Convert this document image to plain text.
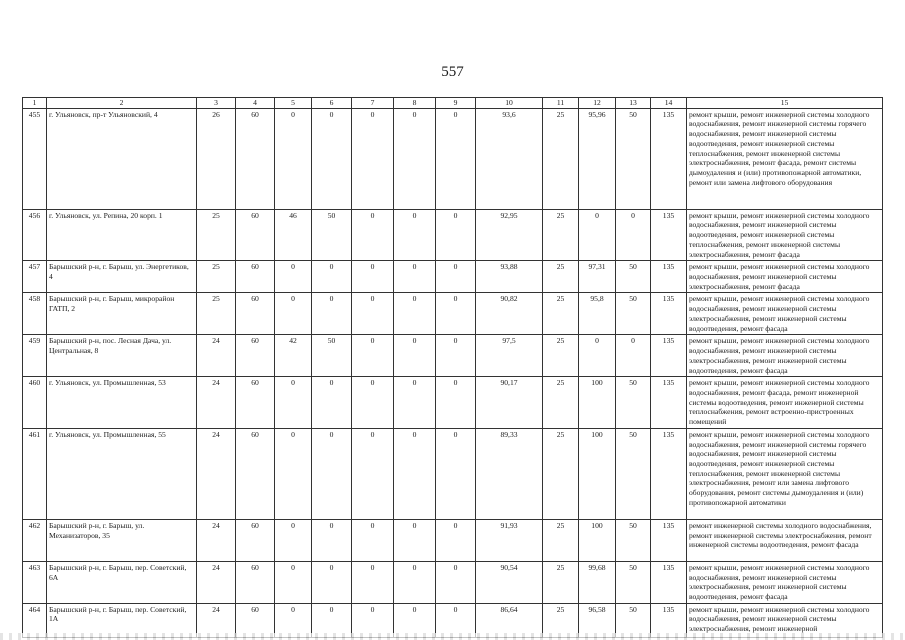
557
1	2	3	4	5	6	7	8	9	10	11	12	13	14	15
455	г. Ульяновск, пр-т Ульяновский, 4	26	60	0	0	0	0	0	93,6	25	95,96	50	135	ремонт крыши, ремонт инженерной системы холодного водоснабжения, ремонт инженерной системы горячего водоснабжения, ремонт инженерной системы водоотведения, ремонт инженерной системы теплоснабжения, ремонт инженерной системы электроснабжения, ремонт фасада, ремонт системы дымоудаления и (или) противопожарной автоматики, ремонт или замена лифтового оборудования
456	г. Ульяновск, ул. Репина, 20 корп. 1	25	60	46	50	0	0	0	92,95	25	0	0	135	ремонт крыши, ремонт инженерной системы холодного водоснабжения, ремонт инженерной системы водоотведения, ремонт инженерной системы теплоснабжения, ремонт инженерной системы электроснабжения, ремонт фасада
457	Барышский р-н, г. Барыш, ул. Энергетиков, 4	25	60	0	0	0	0	0	93,88	25	97,31	50	135	ремонт крыши, ремонт инженерной системы холодного водоснабжения, ремонт инженерной системы электроснабжения, ремонт фасада
458	Барышский р-н, г. Барыш, микрорайон ГАТП, 2	25	60	0	0	0	0	0	90,82	25	95,8	50	135	ремонт крыши, ремонт инженерной системы холодного водоснабжения, ремонт инженерной системы электроснабжения, ремонт инженерной системы водоотведения, ремонт фасада
459	Барышский р-н, пос. Лесная Дача, ул. Центральная, 8	24	60	42	50	0	0	0	97,5	25	0	0	135	ремонт крыши, ремонт инженерной системы холодного водоснабжения, ремонт инженерной системы электроснабжения, ремонт инженерной системы водоотведения, ремонт фасада
460	г. Ульяновск, ул. Промышленная, 53	24	60	0	0	0	0	0	90,17	25	100	50	135	ремонт крыши, ремонт инженерной системы холодного водоснабжения, ремонт фасада, ремонт инженерной системы водоотведения, ремонт инженерной системы теплоснабжения, ремонт встроенно-пристроенных помещений
461	г. Ульяновск, ул. Промышленная, 55	24	60	0	0	0	0	0	89,33	25	100	50	135	ремонт крыши, ремонт инженерной системы холодного водоснабжения, ремонт инженерной системы горячего водоснабжения, ремонт инженерной системы водоотведения, ремонт инженерной системы теплоснабжения, ремонт инженерной системы электроснабжения, ремонт или замена лифтового оборудования, ремонт системы дымоудаления и (или) противопожарной автоматики
462	Барышский р-н, г. Барыш, ул. Механизаторов, 35	24	60	0	0	0	0	0	91,93	25	100	50	135	ремонт инженерной системы холодного водоснабжения, ремонт инженерной системы электроснабжения, ремонт инженерной системы водоотведения, ремонт фасада
463	Барышский р-н, г. Барыш, пер. Советский, 6А	24	60	0	0	0	0	0	90,54	25	99,68	50	135	ремонт крыши, ремонт инженерной системы холодного водоснабжения, ремонт инженерной системы электроснабжения, ремонт инженерной системы водоотведения, ремонт фасада
464	Барышский р-н, г. Барыш, пер. Советский, 1А	24	60	0	0	0	0	0	86,64	25	96,58	50	135	ремонт крыши, ремонт инженерной системы холодного водоснабжения, ремонт инженерной системы электроснабжения, ремонт инженерной
